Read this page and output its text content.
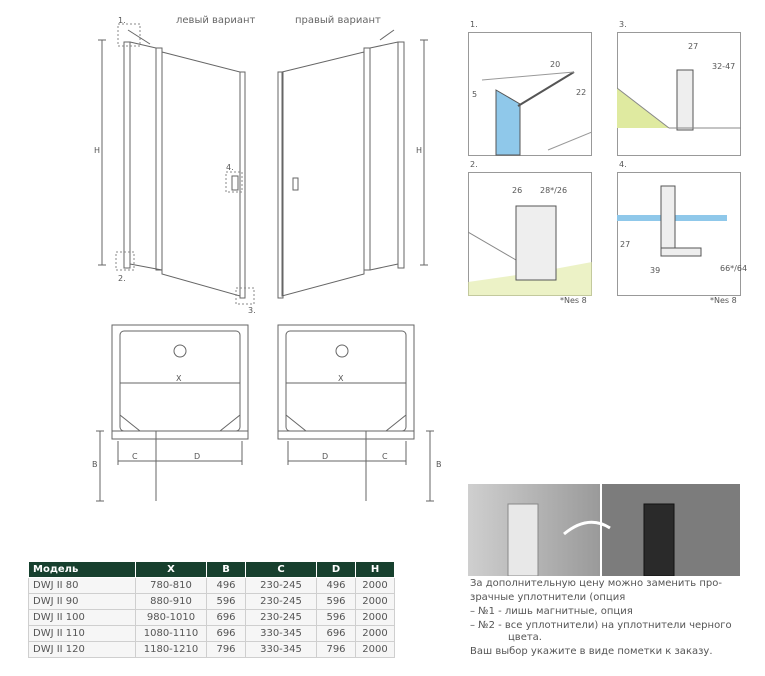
левый вариант	правый вариант
H	H
1.
2.
3.
4.
X	X
B	B
C	D	D	C
1.
20
5	22
3.
27
32-47
2.
26 28*/26
*Nes 8
4.
27
39	66*/64
*Nes 8
За дополнительную цену можно заменить про-
зрачные уплотнители (опция
– №1 - лишь магнитные, опция
– №2 - все уплотнители) на уплотнители черного
цвета.
Ваш выбор укажите в виде пометки к заказу.
Модель	X	B	C	D	H
DWJ II 80	780-810	496	230-245	496	2000
DWJ II 90	880-910	596	230-245	596	2000
DWJ II 100	980-1010	696	230-245	596	2000
DWJ II 110	1080-1110	696	330-345	696	2000
DWJ II 120	1180-1210	796	330-345	796	2000
